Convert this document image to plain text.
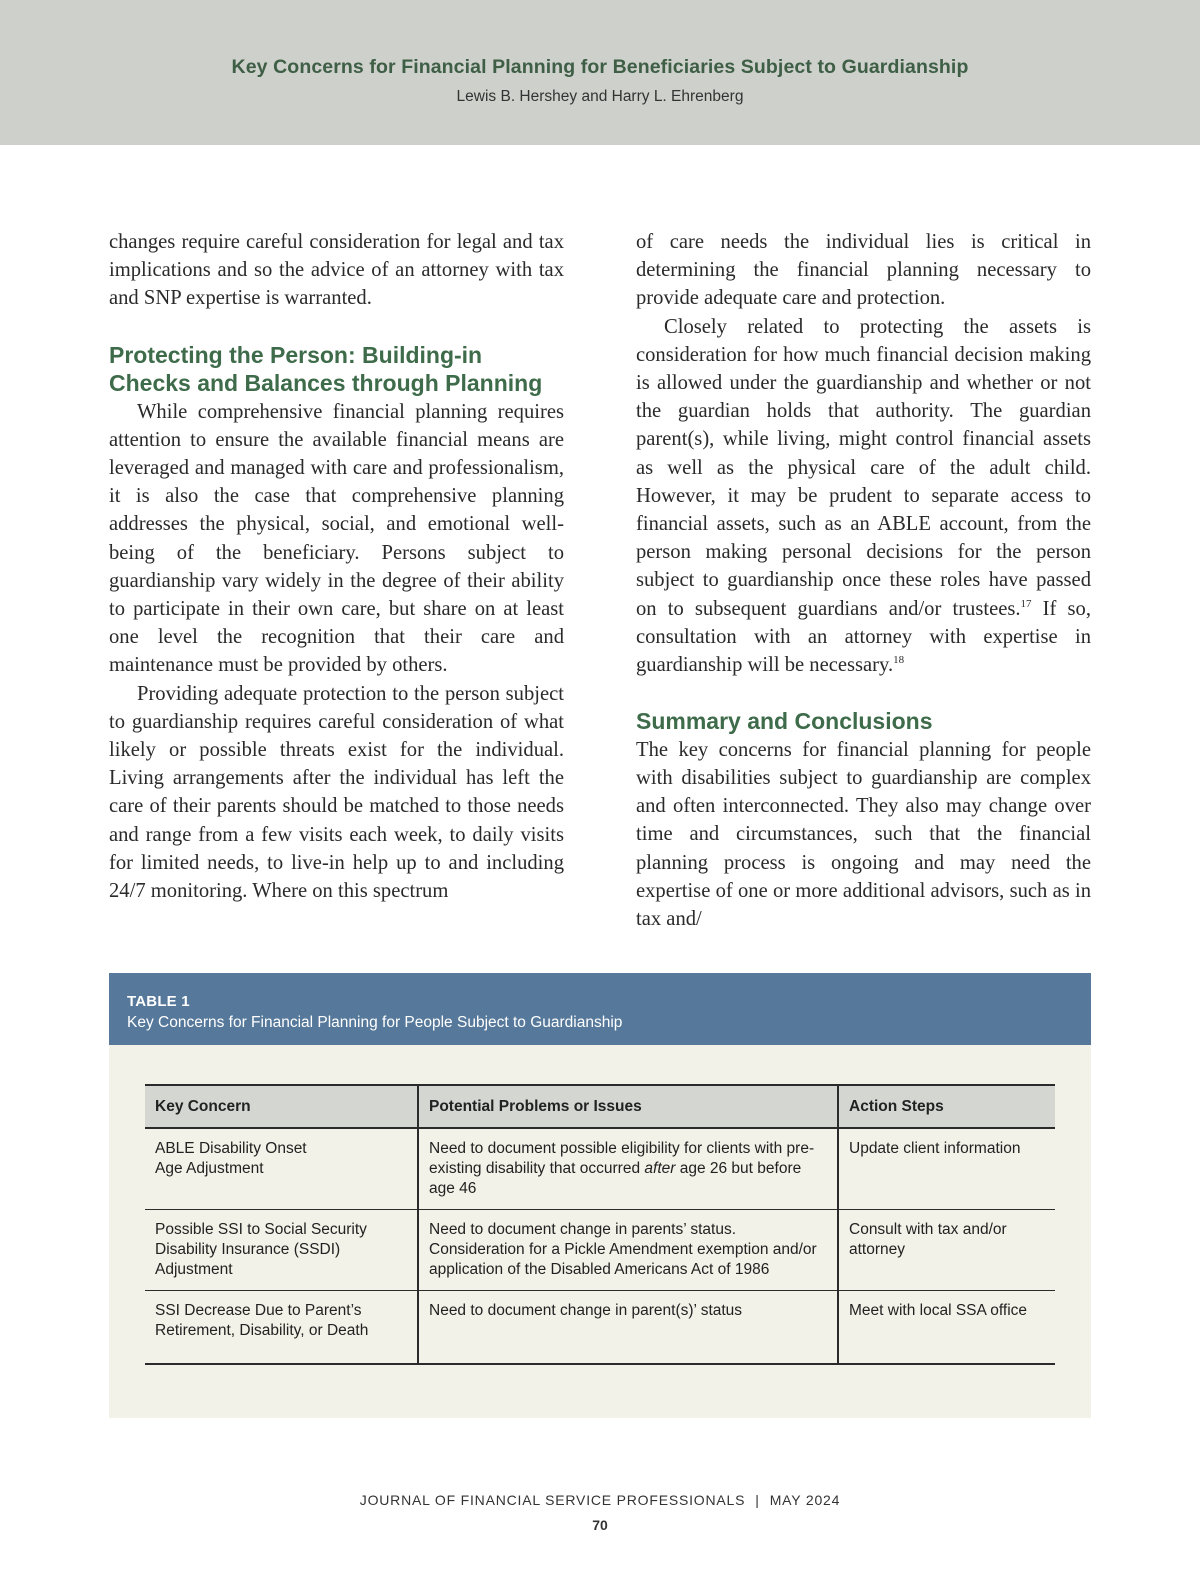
Key Concerns for Financial Planning for Beneficiaries Subject to Guardianship
Lewis B. Hershey and Harry L. Ehrenberg

changes require careful consideration for legal and tax implications and so the advice of an attorney with tax and SNP expertise is warranted.

Protecting the Person: Building-in Checks and Balances through Planning

While comprehensive financial planning requires attention to ensure the available financial means are leveraged and managed with care and professionalism, it is also the case that comprehensive planning addresses the physical, social, and emotional well-being of the beneficiary. Persons subject to guardianship vary widely in the degree of their ability to participate in their own care, but share on at least one level the recognition that their care and maintenance must be provided by others.

Providing adequate protection to the person subject to guardianship requires careful consideration of what likely or possible threats exist for the individual. Living arrangements after the individual has left the care of their parents should be matched to those needs and range from a few visits each week, to daily visits for limited needs, to live-in help up to and including 24/7 monitoring. Where on this spectrum

of care needs the individual lies is critical in determining the financial planning necessary to provide adequate care and protection.

Closely related to protecting the assets is consideration for how much financial decision making is allowed under the guardianship and whether or not the guardian holds that authority. The guardian parent(s), while living, might control financial assets as well as the physical care of the adult child. However, it may be prudent to separate access to financial assets, such as an ABLE account, from the person making personal decisions for the person subject to guardianship once these roles have passed on to subsequent guardians and/or trustees.$^{17}$ If so, consultation with an attorney with expertise in guardianship will be necessary.$^{18}$

Summary and Conclusions

The key concerns for financial planning for people with disabilities subject to guardianship are complex and often interconnected. They also may change over time and circumstances, such that the financial planning process is ongoing and may need the expertise of one or more additional advisors, such as in tax and/

TABLE 1
Key Concerns for Financial Planning for People Subject to Guardianship
Key Concern	Potential Problems or Issues	Action Steps
ABLE Disability Onset
Age Adjustment	Need to document possible eligibility for clients with pre-existing disability that occurred after age 26 but before age 46	Update client information
Possible SSI to Social Security Disability Insurance (SSDI) Adjustment	Need to document change in parents’ status. Consideration for a Pickle Amendment exemption and/or application of the Disabled Americans Act of 1986	Consult with tax and/or attorney
SSI Decrease Due to Parent’s Retirement, Disability, or Death	Need to document change in parent(s)’ status	Meet with local SSA office
JOURNAL OF FINANCIAL SERVICE PROFESSIONALS | MAY 2024
70
